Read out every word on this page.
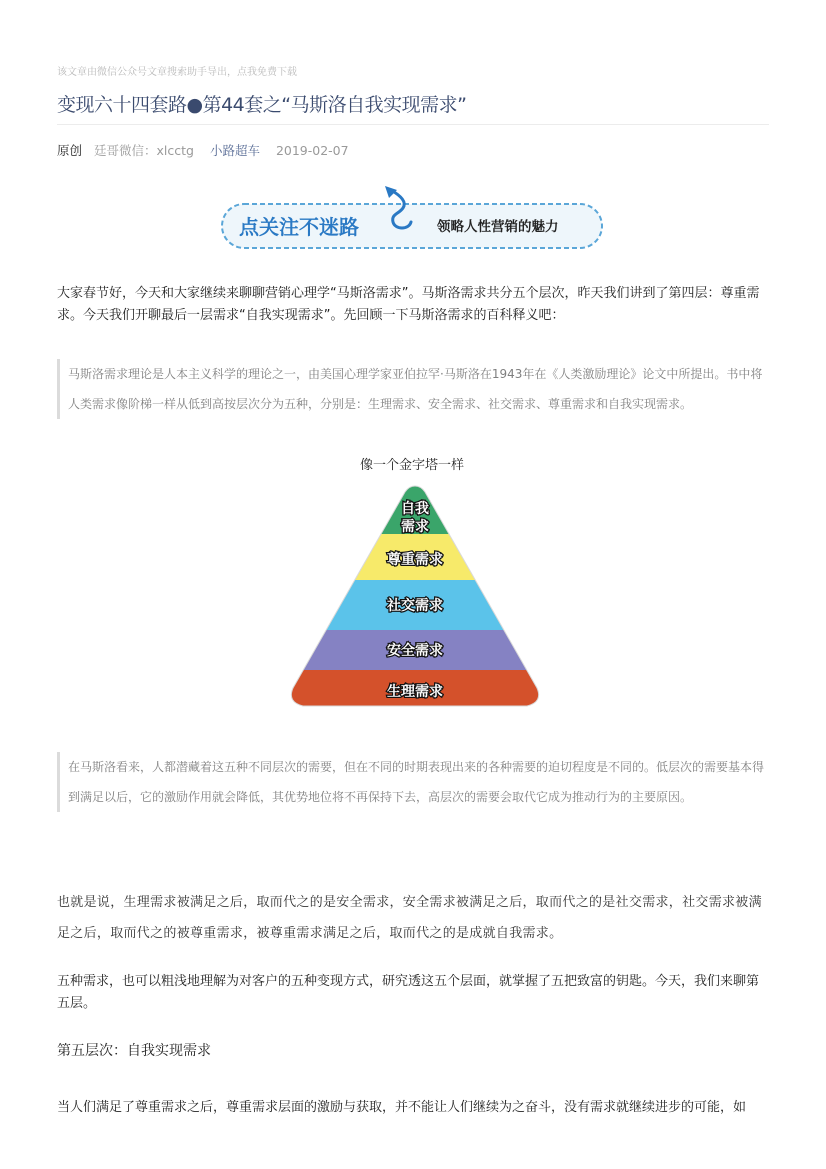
该文章由微信公众号文章搜索助手导出，点我免费下载
变现六十四套路●第44套之“马斯洛自我实现需求”
原创 廷哥微信：xlcctg 小路超车 2019-02-07
点关注不迷路	领略人性营销的魅力
大家春节好，今天和大家继续来聊聊营销心理学“马斯洛需求”。马斯洛需求共分五个层次，昨天我们讲到了第四层：尊重需求。今天我们开聊最后一层需求“自我实现需求”。先回顾一下马斯洛需求的百科释义吧：
马斯洛需求理论是人本主义科学的理论之一，由美国心理学家亚伯拉罕·马斯洛在1943年在《人类激励理论》论文中所提出。书中将人类需求像阶梯一样从低到高按层次分为五种，分别是：生理需求、安全需求、社交需求、尊重需求和自我实现需求。
像一个金字塔一样
自我
需求
尊重需求
社交需求
安全需求
生理需求
在马斯洛看来，人都潜藏着这五种不同层次的需要，但在不同的时期表现出来的各种需要的迫切程度是不同的。低层次的需要基本得到满足以后，它的激励作用就会降低，其优势地位将不再保持下去，高层次的需要会取代它成为推动行为的主要原因。
也就是说，生理需求被满足之后，取而代之的是安全需求，安全需求被满足之后，取而代之的是社交需求，社交需求被满足之后，取而代之的被尊重需求，被尊重需求满足之后，取而代之的是成就自我需求。
五种需求，也可以粗浅地理解为对客户的五种变现方式，研究透这五个层面，就掌握了五把致富的钥匙。今天，我们来聊第五层。
第五层次：自我实现需求
当人们满足了尊重需求之后，尊重需求层面的激励与获取，并不能让人们继续为之奋斗，没有需求就继续进步的可能，如
